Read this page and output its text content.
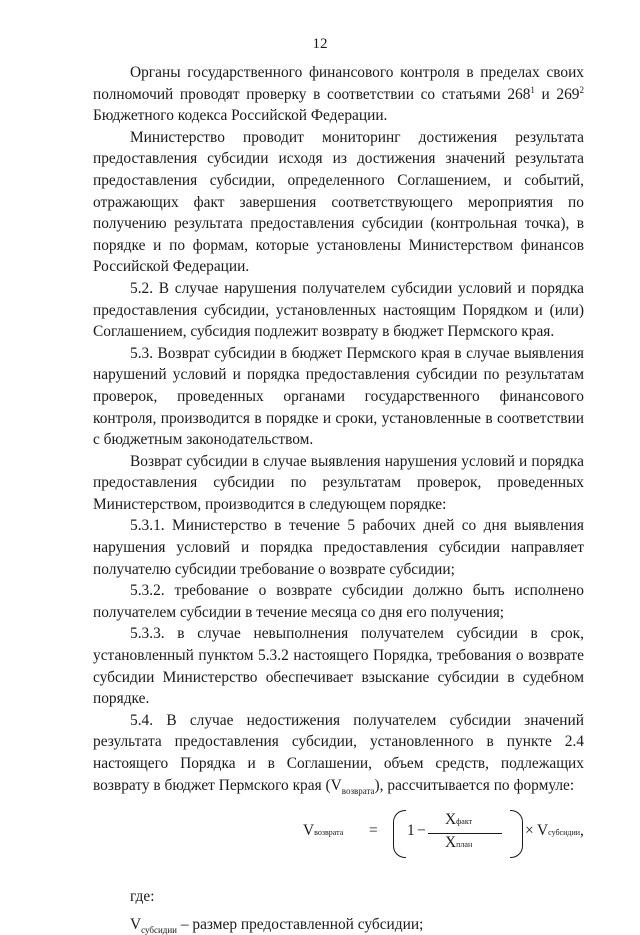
12

Органы государственного финансового контроля в пределах своих полномочий проводят проверку в соответствии со статьями $268^1$ и $269^2$ Бюджетного кодекса Российской Федерации.

Министерство проводит мониторинг достижения результата предоставления субсидии исходя из достижения значений результата предоставления субсидии, определенного Соглашением, и событий, отражающих факт завершения соответствующего мероприятия по получению результата предоставления субсидии (контрольная точка), в порядке и по формам, которые установлены Министерством финансов Российской Федерации.

5.2. В случае нарушения получателем субсидии условий и порядка предоставления субсидии, установленных настоящим Порядком и (или) Соглашением, субсидия подлежит возврату в бюджет Пермского края.

5.3. Возврат субсидии в бюджет Пермского края в случае выявления нарушений условий и порядка предоставления субсидии по результатам проверок, проведенных органами государственного финансового контроля, производится в порядке и сроки, установленные в соответствии с бюджетным законодательством.

Возврат субсидии в случае выявления нарушения условий и порядка предоставления субсидии по результатам проверок, проведенных Министерством, производится в следующем порядке:

5.3.1. Министерство в течение 5 рабочих дней со дня выявления нарушения условий и порядка предоставления субсидии направляет получателю субсидии требование о возврате субсидии;

5.3.2. требование о возврате субсидии должно быть исполнено получателем субсидии в течение месяца со дня его получения;

5.3.3. в случае невыполнения получателем субсидии в срок, установленный пунктом 5.3.2 настоящего Порядка, требования о возврате субсидии Министерство обеспечивает взыскание субсидии в судебном порядке.

5.4. В случае недостижения получателем субсидии значений результата предоставления субсидии, установленного в пункте 2.4 настоящего Порядка и в Соглашении, объем средств, подлежащих возврату в бюджет Пермского края $(V_{возврата})$, рассчитывается по формуле:

Vвозврата = 1 −
Xфакт
Xплан
× Vсубсидии,

где:

$V_{субсидии}$ – размер предоставленной субсидии;
